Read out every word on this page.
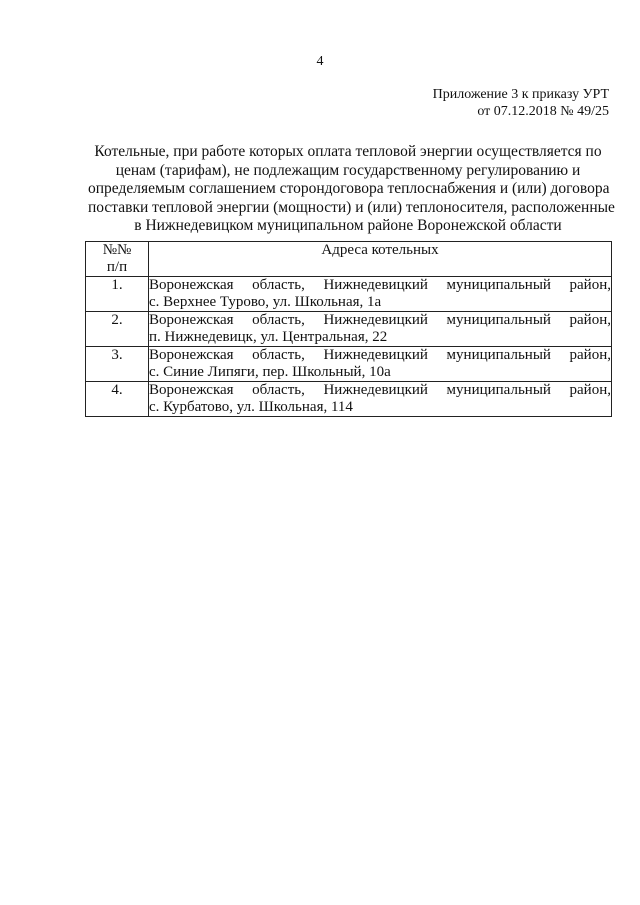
4
Приложение 3 к приказу УРТ
от 07.12.2018 № 49/25
Котельные, при работе которых оплата тепловой энергии осуществляется по
ценам (тарифам), не подлежащим государственному регулированию и
определяемым соглашением сторондоговора теплоснабжения и (или) договора
поставки тепловой энергии (мощности) и (или) теплоносителя, расположенные
в Нижнедевицком муниципальном районе Воронежской области
№№
п/п	Адреса котельных
1.	Воронежская область, Нижнедевицкий муниципальный район,
с. Верхнее Турово, ул. Школьная, 1а

2.	Воронежская область, Нижнедевицкий муниципальный район,
п. Нижнедевицк, ул. Центральная, 22

3.	Воронежская область, Нижнедевицкий муниципальный район,
с. Синие Липяги, пер. Школьный, 10а

4.	Воронежская область, Нижнедевицкий муниципальный район,
с. Курбатово, ул. Школьная, 114
